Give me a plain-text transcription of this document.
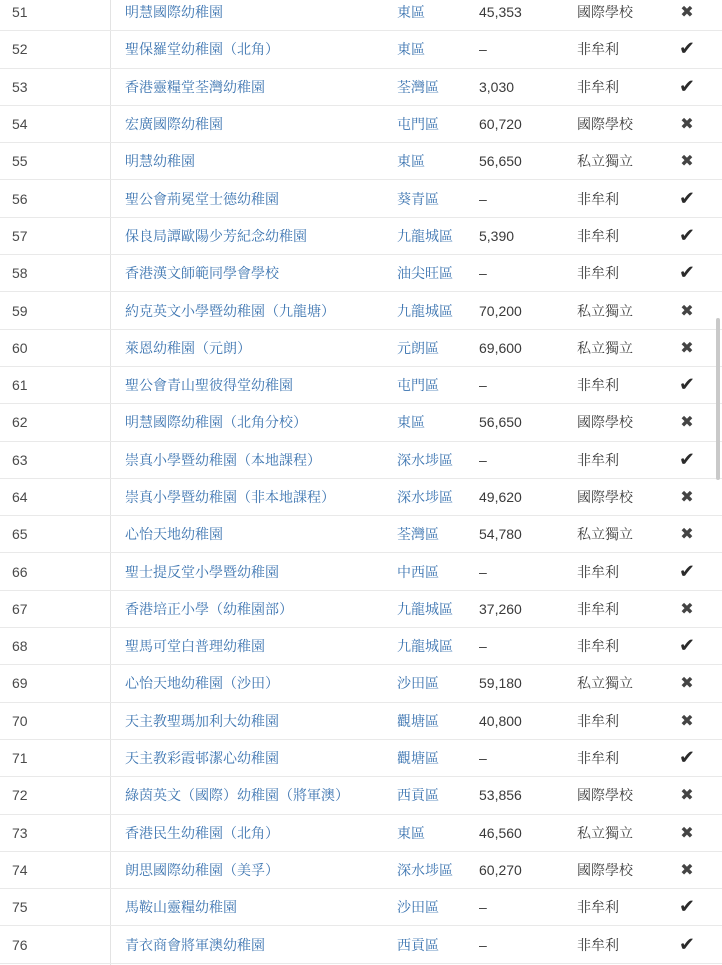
51	明慧國際幼稚園	東區	45,353	國際學校	✖
52	聖保羅堂幼稚園（北角）	東區	–	非牟利	✔
53	香港靈糧堂荃灣幼稚園	荃灣區	3,030	非牟利	✔
54	宏廣國際幼稚園	屯門區	60,720	國際學校	✖
55	明慧幼稚園	東區	56,650	私立獨立	✖
56	聖公會荊冕堂士德幼稚園	葵青區	–	非牟利	✔
57	保良局譚歐陽少芳紀念幼稚園	九龍城區 5,390	非牟利	✔
58	香港漢文師範同學會學校	油尖旺區 –	非牟利	✔
59	約克英文小學暨幼稚園（九龍塘）	九龍城區 70,200	私立獨立	✖
60	萊恩幼稚園（元朗）	元朗區	69,600	私立獨立	✖
61	聖公會青山聖彼得堂幼稚園	屯門區	–	非牟利	✔
62	明慧國際幼稚園（北角分校）	東區	56,650	國際學校	✖
63	崇真小學暨幼稚園（本地課程）	深水埗區 –	非牟利	✔
64	崇真小學暨幼稚園（非本地課程）	深水埗區 49,620	國際學校	✖
65	心怡天地幼稚園	荃灣區	54,780	私立獨立	✖
66	聖士提反堂小學暨幼稚園	中西區	–	非牟利	✔
67	香港培正小學（幼稚園部）	九龍城區 37,260	非牟利	✖
68	聖馬可堂白普理幼稚園	九龍城區 –	非牟利	✔
69	心怡天地幼稚園（沙田）	沙田區	59,180	私立獨立	✖
70	天主教聖瑪加利大幼稚園	觀塘區	40,800	非牟利	✖
71	天主教彩霞邨潔心幼稚園	觀塘區	–	非牟利	✔
72	綠茵英文（國際）幼稚園（將軍澳）	西貢區	53,856	國際學校	✖
73	香港民生幼稚園（北角）	東區	46,560	私立獨立	✖
74	朗思國際幼稚園（美孚）	深水埗區 60,270	國際學校	✖
75	馬鞍山靈糧幼稚園	沙田區	–	非牟利	✔
76	青衣商會將軍澳幼稚園	西貢區	–	非牟利	✔
